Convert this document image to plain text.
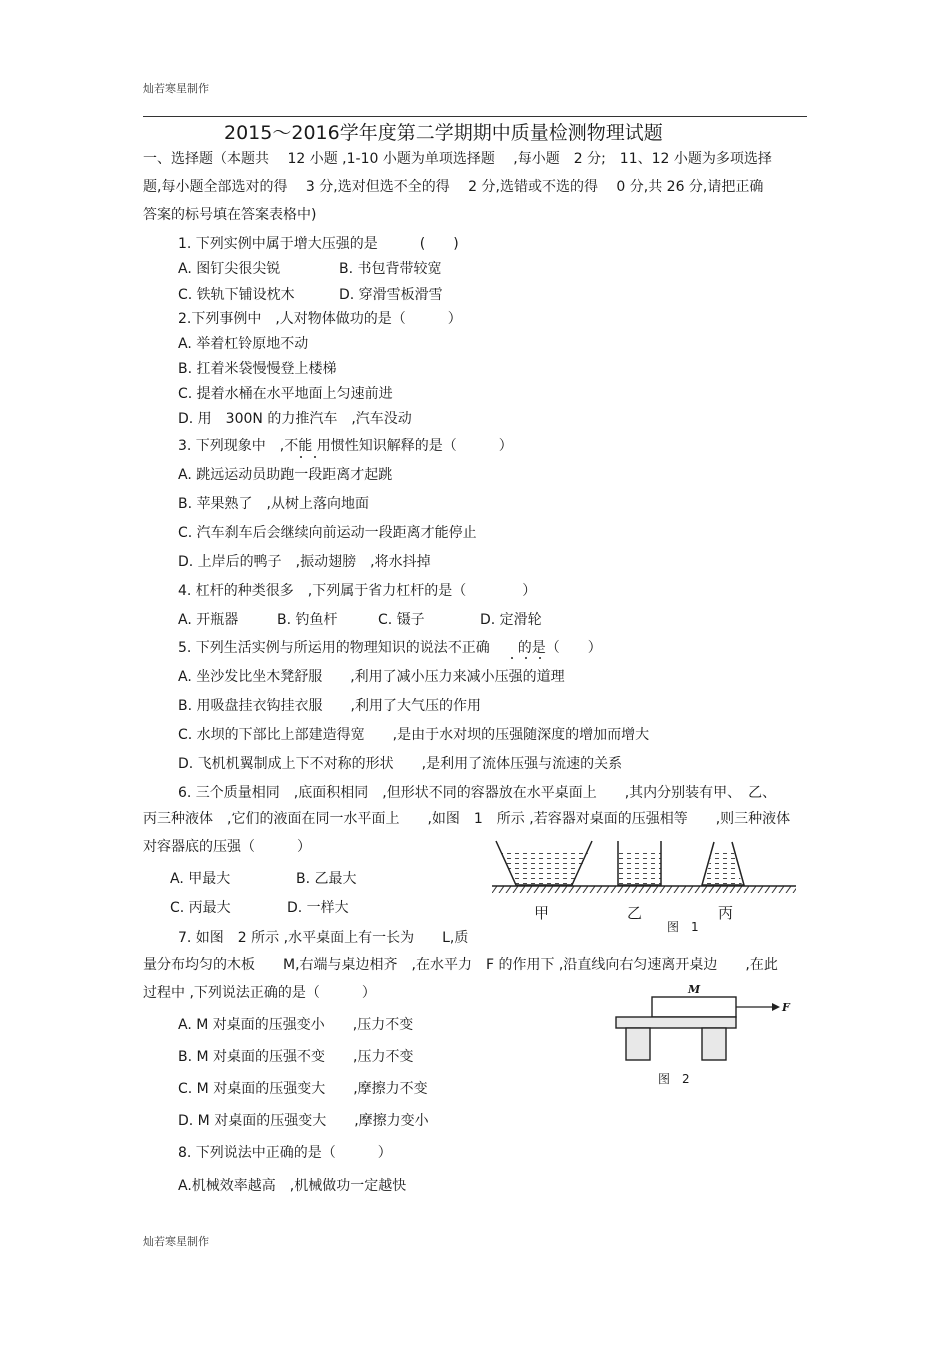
灿若寒星制作
2015～2016学年度第二学期期中质量检测物理试题
一、选择题（本题共　 12 小题 ,1-10 小题为单项选择题　 ,每小题　2 分;　11、12 小题为多项选择
题,每小题全部选对的得　 3 分,选对但选不全的得　 2 分,选错或不选的得　 0 分,共 26 分,请把正确
答案的标号填在答案表格中)
1. 下列实例中属于增大压强的是　　　(　　)
A. 图钉尖很尖锐	B. 书包背带较宽
C. 铁轨下铺设枕木	D. 穿滑雪板滑雪
2.下列事例中　,人对物体做功的是（　　　）
A. 举着杠铃原地不动
B. 扛着米袋慢慢登上楼梯
C. 提着水桶在水平地面上匀速前进
D. 用　300N 的力推汽车　,汽车没动
3. 下列现象中　,不能 用惯性知识解释的是（　　　）
A. 跳远运动员助跑一段距离才起跳
B. 苹果熟了　,从树上落向地面
C. 汽车刹车后会继续向前运动一段距离才能停止
D. 上岸后的鸭子　,振动翅膀　,将水抖掉
4. 杠杆的种类很多　,下列属于省力杠杆的是（　　　　）
A. 开瓶器	B. 钓鱼杆	C. 镊子	D. 定滑轮
5. 下列生活实例与所运用的物理知识的说法不正确　　的是（　　）
A. 坐沙发比坐木凳舒服　　,利用了减小压力来减小压强的道理
B. 用吸盘挂衣钩挂衣服　　,利用了大气压的作用
C. 水坝的下部比上部建造得宽　　,是由于水对坝的压强随深度的增加而增大
D. 飞机机翼制成上下不对称的形状　　,是利用了流体压强与流速的关系
6. 三个质量相同　,底面积相同　,但形状不同的容器放在水平桌面上　　,其内分别装有甲、　乙、
丙三种液体　,它们的液面在同一水平面上　　,如图　1　所示 ,若容器对桌面的压强相等　　,则三种液体
对容器底的压强（　　　）
A. 甲最大	B. 乙最大
C. 丙最大	D. 一样大	甲	乙	丙
图　1
7. 如图　2 所示 ,水平桌面上有一长为　　L,质
量分布均匀的木板　　M,右端与桌边相齐　,在水平力　F 的作用下 ,沿直线向右匀速离开桌边　　,在此
过程中 ,下列说法正确的是（　　　）
A. M 对桌面的压强变小　　,压力不变
B. M 对桌面的压强不变　　,压力不变
C. M 对桌面的压强变大　　,摩擦力不变
D. M 对桌面的压强变大　　,摩擦力变小
M
F
图　2
8. 下列说法中正确的是（　　　）
A.机械效率越高　,机械做功一定越快
灿若寒星制作
